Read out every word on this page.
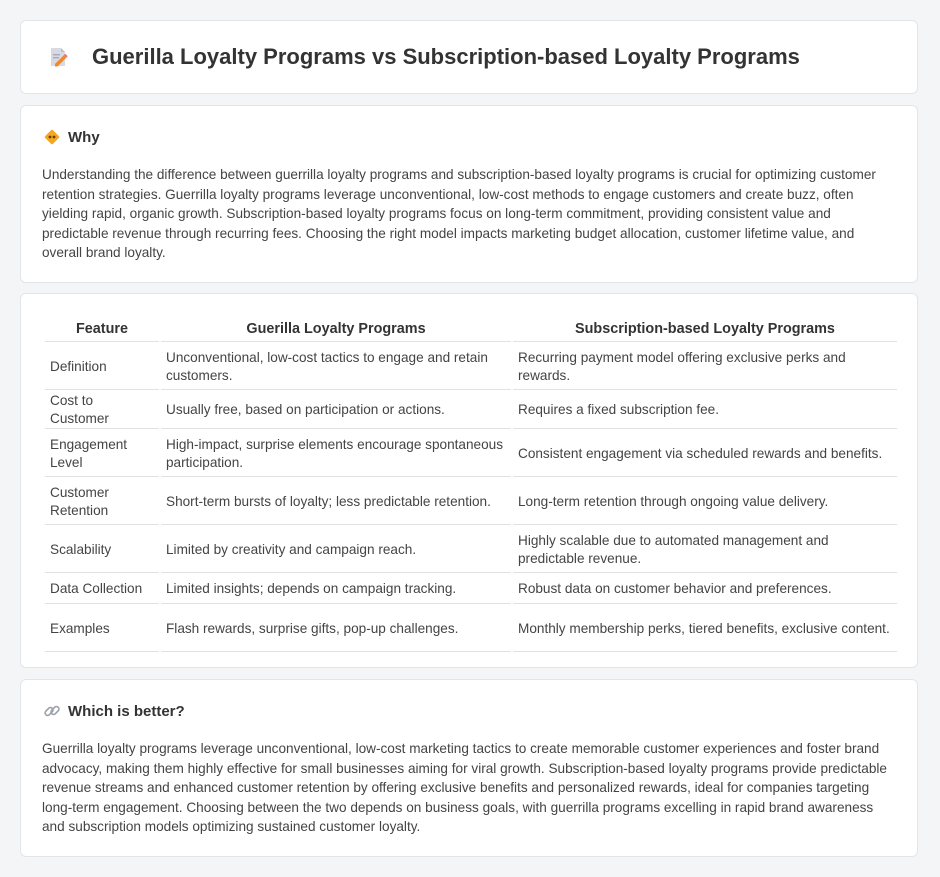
Guerilla Loyalty Programs vs Subscription-based Loyalty Programs
Why
Understanding the difference between guerrilla loyalty programs and subscription-based loyalty programs is crucial for optimizing customer retention strategies. Guerrilla loyalty programs leverage unconventional, low-cost methods to engage customers and create buzz, often yielding rapid, organic growth. Subscription-based loyalty programs focus on long-term commitment, providing consistent value and predictable revenue through recurring fees. Choosing the right model impacts marketing budget allocation, customer lifetime value, and overall brand loyalty.
Feature	Guerilla Loyalty Programs	Subscription-based Loyalty Programs
Definition	Unconventional, low-cost tactics to engage and retain customers.	Recurring payment model offering exclusive perks and rewards.
Cost to Customer	Usually free, based on participation or actions.	Requires a fixed subscription fee.
Engagement Level	High-impact, surprise elements encourage spontaneous participation.	Consistent engagement via scheduled rewards and benefits.
Customer Retention	Short-term bursts of loyalty; less predictable retention.	Long-term retention through ongoing value delivery.
Scalability	Limited by creativity and campaign reach.	Highly scalable due to automated management and predictable revenue.
Data Collection	Limited insights; depends on campaign tracking.	Robust data on customer behavior and preferences.
Examples	Flash rewards, surprise gifts, pop-up challenges.	Monthly membership perks, tiered benefits, exclusive content.
Which is better?
Guerrilla loyalty programs leverage unconventional, low-cost marketing tactics to create memorable customer experiences and foster brand advocacy, making them highly effective for small businesses aiming for viral growth. Subscription-based loyalty programs provide predictable revenue streams and enhanced customer retention by offering exclusive benefits and personalized rewards, ideal for companies targeting long-term engagement. Choosing between the two depends on business goals, with guerrilla programs excelling in rapid brand awareness and subscription models optimizing sustained customer loyalty.
